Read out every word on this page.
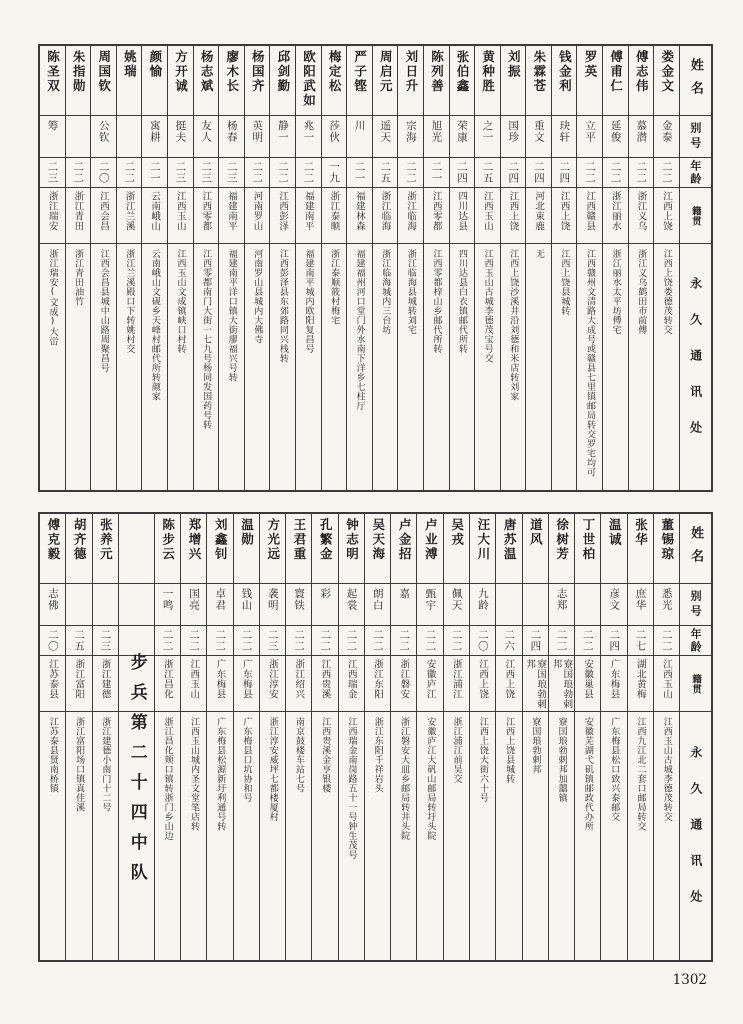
陈圣双
筹
二三
浙江瑞安
浙江瑞安(文成)大峃
朱指勋
二二
浙江青田
浙江青田油竹
周国钦
公钦
二〇
江西会昌
江西会昌县城中山路周聚昌号
姚瑞
二二
浙江兰溪
浙江兰溪殿口下转姚村交
颜愉
寓耕
二一
云南峨山
云南峨山文砚乡天峰村邮代所转颜家
方开诚
挺夫
二三
江西玉山
江西玉山文成镇峡口村转
杨志斌
友人
二三
江西零都
江西零都南门大街一七九号杨同发国药号转
廖木长
杨春
二三
福建南平
福建南平洋口镇大街廖福兴号转
杨国齐
英明
二二
河南罗山
河南罗山县城内大佛寺
邱剑勤
静一
二二
江西彭泽
江西彭泽县东郊路同兴栈转
欧阳武如
兆一
二二
福建南平
福建南平城内欧阳复昌号
梅定松
莎伙
一九
浙江泰顺
浙江泰顺筱村梅宅
严子铿
川
二一
福建林森
福建福州河口堂门外水南下洋乡七柱厅
周启元
遥天
二五
浙江临海
浙江临海城内三台坊
刘日升
宗海
二二
浙江临海
浙江临海县城转刘宅
陈列善
旭光
二一
江西零都
江西零都梓山乡邮代所转
张伯鑫
荣康
二四
四川达县
四川达县白衣镇邮代所转
黄种胜
之一
二五
江西玉山
江西玉山古城李德茂宝号交
刘振
国珍
二四
江西上饶
江西上饶沙溪井沿刘德和米店转刘家
朱霖苍
重文
二四
河北束鹿
无
钱金利
玦轩
二四
江西上饶
江西上饶县城转
罗英
立平
二二
江西赣县
江西赣州文清路大成号或赣县七里镇邮局转交罗宅均可
傅甫仁
延俊
二二
浙江丽水
浙江丽水太平坊傅宅
傅志伟
慕潜
二二
浙江义乌
浙江义乌鹤田市前傅
娄金文
金泰
二二
江西上饶
江西上饶娄德茂转交
姓名
别号
年龄
籍贯
永久通讯处
傅克毅
志佛
二〇
江苏泰县
江苏泰县贤南桥镇
胡齐德
二五
浙江富阳
浙江富阳场口镇真佳溪
张养元
二三
浙江建德
浙江建德小南门十二号 步兵第二十四中队
陈步云
一鸣
二二
浙江昌化
浙江昌化颊口镇转浙门乡山边
郑增兴
国亮
二二
江西玉山
江西玉山城内圣文堂笔店转
刘鑫钊
卓君
二二
广东梅县
广东梅县松源新圩利通号转
温勋
钱山
二二
广东梅县
广东梅县口坑协和号
方光远
袭明
二三
浙江淳安
浙江淳安威坪七都楼厦村
王君重
寰铁
二二
浙江绍兴
南京鼓楼车站七号
孔繁金
彩
二二
江西贵溪
江西贵溪金亨银楼
钟志明
起裳
二二
江西瑞金
江西瑞金南岗路五十一号钟生茂号
吴天海
朗白
二二
浙江东阳
浙江东阳千祥岩头
卢金招
嘉
二二
浙江磐安
浙江磐安大皿乡邮局转井头院
卢业溥
甄宇
二二
安徽庐江
安徽庐江大矾山邮局转圩头院
吴戎
佩天
二二
浙江浦江
浙江浦江前吴交
汪大川
九龄
二〇
江西上饶
江西上饶大街六十号
唐苏温
二六
江西上饶
江西上饶县城转
道风
二四
寮国琅勃剌邦
寮国琅勃剌邦
徐树芳
志郑
二二
寮国琅勃剌邦
寮国琅勃剌邦加囍镇
丁世柏
二二
安徽巢县
安徽芜湖弋矶镇邮政代办所
温诚
彦文
二四
广东梅县
广东梅县松口致兴泰邮交
张华
庶华
二七
湖北黄梅
江西九江北二套口邮局转交
董锡琼
悉光
二二
江西玉山
江西玉山古城李德茂转交
姓名
别号
年龄
籍贯
永久通讯处
1302
